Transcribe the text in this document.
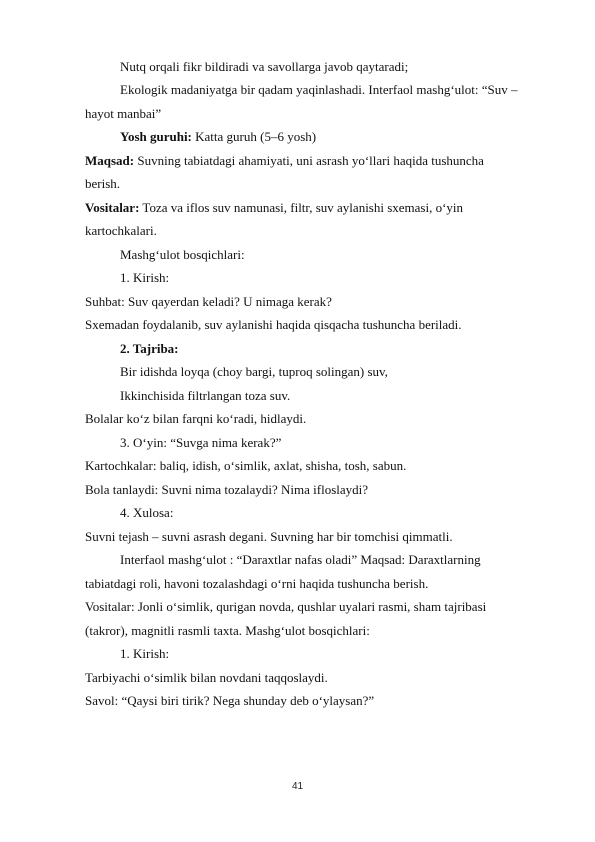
Nutq orqali fikr bildiradi va savollarga javob qaytaradi;
Ekologik madaniyatga bir qadam yaqinlashadi. Interfaol mashg‘ulot: “Suv –
hayot manbai”
Yosh guruhi: Katta guruh (5–6 yosh)
Maqsad: Suvning tabiatdagi ahamiyati, uni asrash yo‘llari haqida tushuncha
berish.
Vositalar: Toza va iflos suv namunasi, filtr, suv aylanishi sxemasi, o‘yin
kartochkalari.
Mashg‘ulot bosqichlari:
1. Kirish:
Suhbat: Suv qayerdan keladi? U nimaga kerak?
Sxemadan foydalanib, suv aylanishi haqida qisqacha tushuncha beriladi.
2. Tajriba:
Bir idishda loyqa (choy bargi, tuproq solingan) suv,
Ikkinchisida filtrlangan toza suv.
Bolalar ko‘z bilan farqni ko‘radi, hidlaydi.
3. O‘yin: “Suvga nima kerak?”
Kartochkalar: baliq, idish, o‘simlik, axlat, shisha, tosh, sabun.
Bola tanlaydi: Suvni nima tozalaydi? Nima ifloslaydi?
4. Xulosa:
Suvni tejash – suvni asrash degani. Suvning har bir tomchisi qimmatli.
Interfaol mashg‘ulot : “Daraxtlar nafas oladi” Maqsad: Daraxtlarning
tabiatdagi roli, havoni tozalashdagi o‘rni haqida tushuncha berish.
Vositalar: Jonli o‘simlik, qurigan novda, qushlar uyalari rasmi, sham tajribasi
(takror), magnitli rasmli taxta. Mashg‘ulot bosqichlari:
1. Kirish:
Tarbiyachi o‘simlik bilan novdani taqqoslaydi.
Savol: “Qaysi biri tirik? Nega shunday deb o‘ylaysan?”
41
